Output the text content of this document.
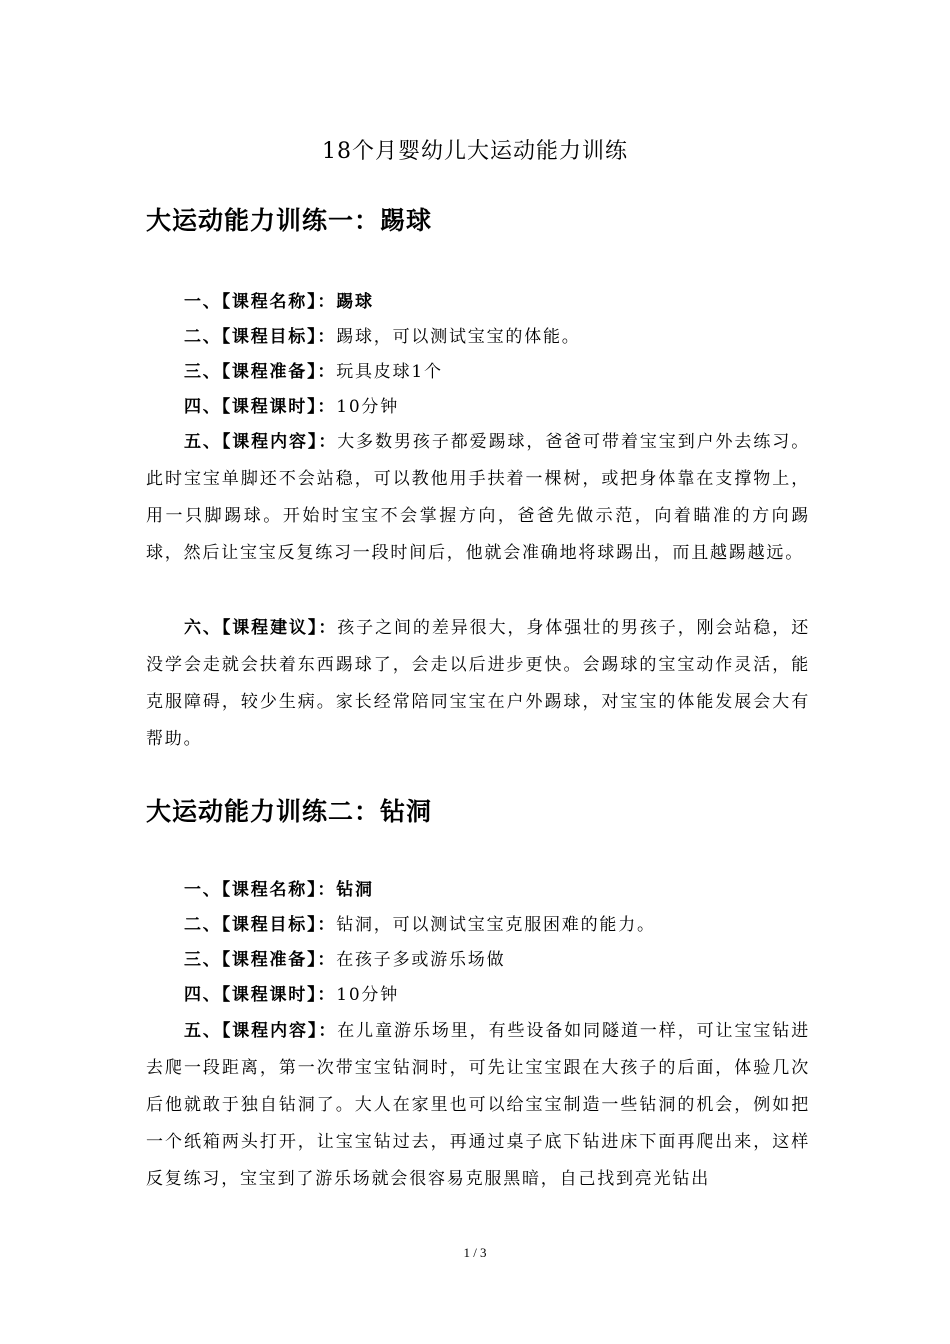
18个月婴幼儿大运动能力训练
大运动能力训练一：踢球
一、【课程名称】：踢球
二、【课程目标】：踢球，可以测试宝宝的体能。
三、【课程准备】：玩具皮球1个
四、【课程课时】：10分钟
五、【课程内容】：大多数男孩子都爱踢球，爸爸可带着宝宝到户外去练习。此时宝宝单脚还不会站稳，可以教他用手扶着一棵树，或把身体靠在支撑物上，用一只脚踢球。开始时宝宝不会掌握方向，爸爸先做示范，向着瞄准的方向踢球，然后让宝宝反复练习一段时间后，他就会准确地将球踢出，而且越踢越远。
六、【课程建议】：孩子之间的差异很大，身体强壮的男孩子，刚会站稳，还没学会走就会扶着东西踢球了，会走以后进步更快。会踢球的宝宝动作灵活，能克服障碍，较少生病。家长经常陪同宝宝在户外踢球，对宝宝的体能发展会大有帮助。
大运动能力训练二：钻洞
一、【课程名称】：钻洞
二、【课程目标】：钻洞，可以测试宝宝克服困难的能力。
三、【课程准备】：在孩子多或游乐场做
四、【课程课时】：10分钟
五、【课程内容】：在儿童游乐场里，有些设备如同隧道一样，可让宝宝钻进去爬一段距离，第一次带宝宝钻洞时，可先让宝宝跟在大孩子的后面，体验几次后他就敢于独自钻洞了。大人在家里也可以给宝宝制造一些钻洞的机会，例如把一个纸箱两头打开，让宝宝钻过去，再通过桌子底下钻进床下面再爬出来，这样反复练习，宝宝到了游乐场就会很容易克服黑暗，自己找到亮光钻出
1 / 3
